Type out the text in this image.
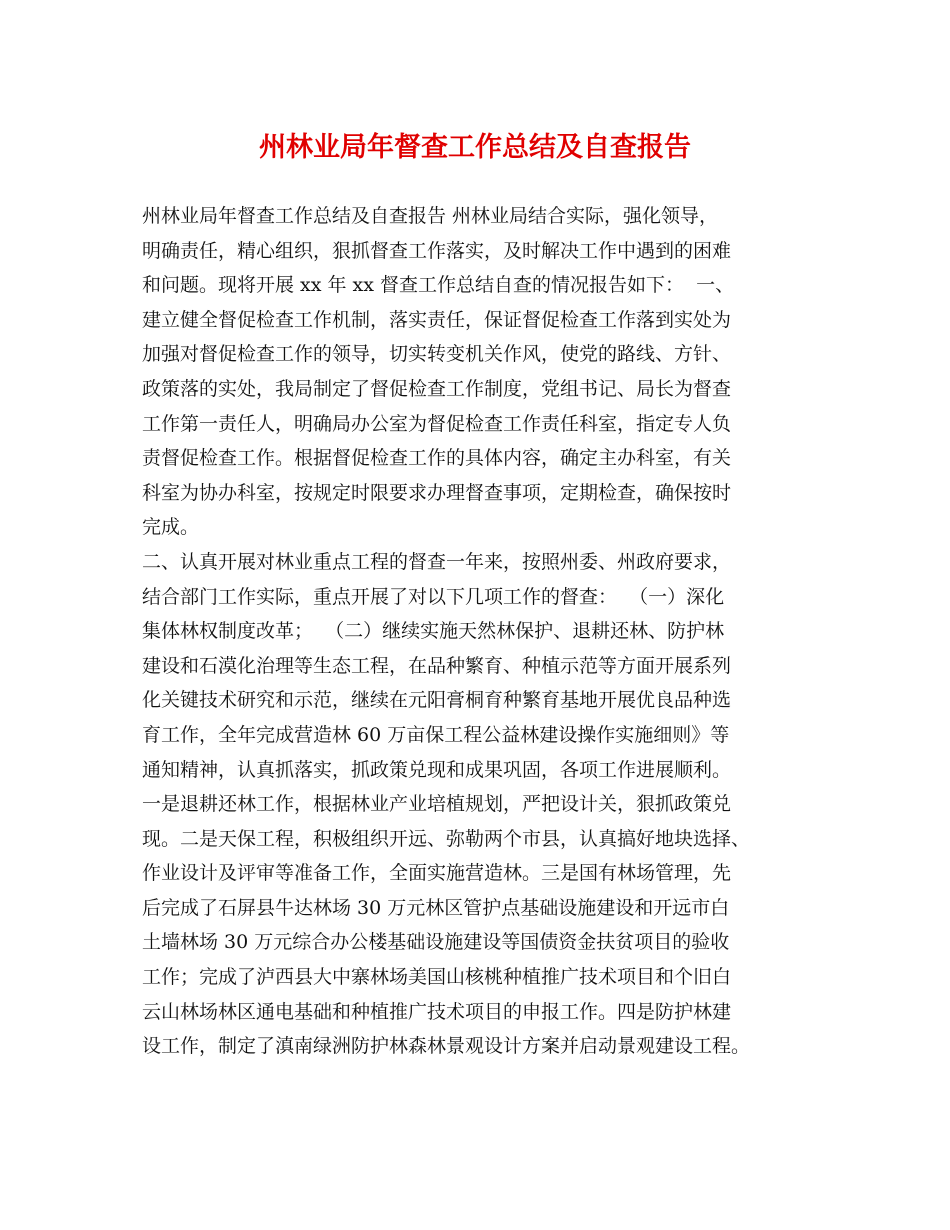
州林业局年督查工作总结及自查报告

州林业局年督查工作总结及自查报告 州林业局结合实际，强化领导，

明确责任，精心组织，狠抓督查工作落实，及时解决工作中遇到的困难

和问题。现将开展 xx 年 xx 督查工作总结自查的情况报告如下：  一、

建立健全督促检查工作机制，落实责任，保证督促检查工作落到实处为

加强对督促检查工作的领导，切实转变机关作风，使党的路线、方针、

政策落的实处，我局制定了督促检查工作制度，党组书记、局长为督查

工作第一责任人，明确局办公室为督促检查工作责任科室，指定专人负

责督促检查工作。根据督促检查工作的具体内容，确定主办科室，有关

科室为协办科室，按规定时限要求办理督查事项，定期检查，确保按时

完成。

二、认真开展对林业重点工程的督查一年来，按照州委、州政府要求，

结合部门工作实际，重点开展了对以下几项工作的督查：  （一）深化

集体林权制度改革；  （二）继续实施天然林保护、退耕还林、防护林

建设和石漠化治理等生态工程，在品种繁育、种植示范等方面开展系列

化关键技术研究和示范，继续在元阳膏桐育种繁育基地开展优良品种选

育工作，全年完成营造林 60 万亩保工程公益林建设操作实施细则》等

通知精神，认真抓落实，抓政策兑现和成果巩固，各项工作进展顺利。

一是退耕还林工作，根据林业产业培植规划，严把设计关，狠抓政策兑

现。二是天保工程，积极组织开远、弥勒两个市县，认真搞好地块选择、

作业设计及评审等准备工作，全面实施营造林。三是国有林场管理，先

后完成了石屏县牛达林场 30 万元林区管护点基础设施建设和开远市白

土墙林场 30 万元综合办公楼基础设施建设等国债资金扶贫项目的验收

工作；完成了泸西县大中寨林场美国山核桃种植推广技术项目和个旧白

云山林场林区通电基础和种植推广技术项目的申报工作。四是防护林建

设工作，制定了滇南绿洲防护林森林景观设计方案并启动景观建设工程。
